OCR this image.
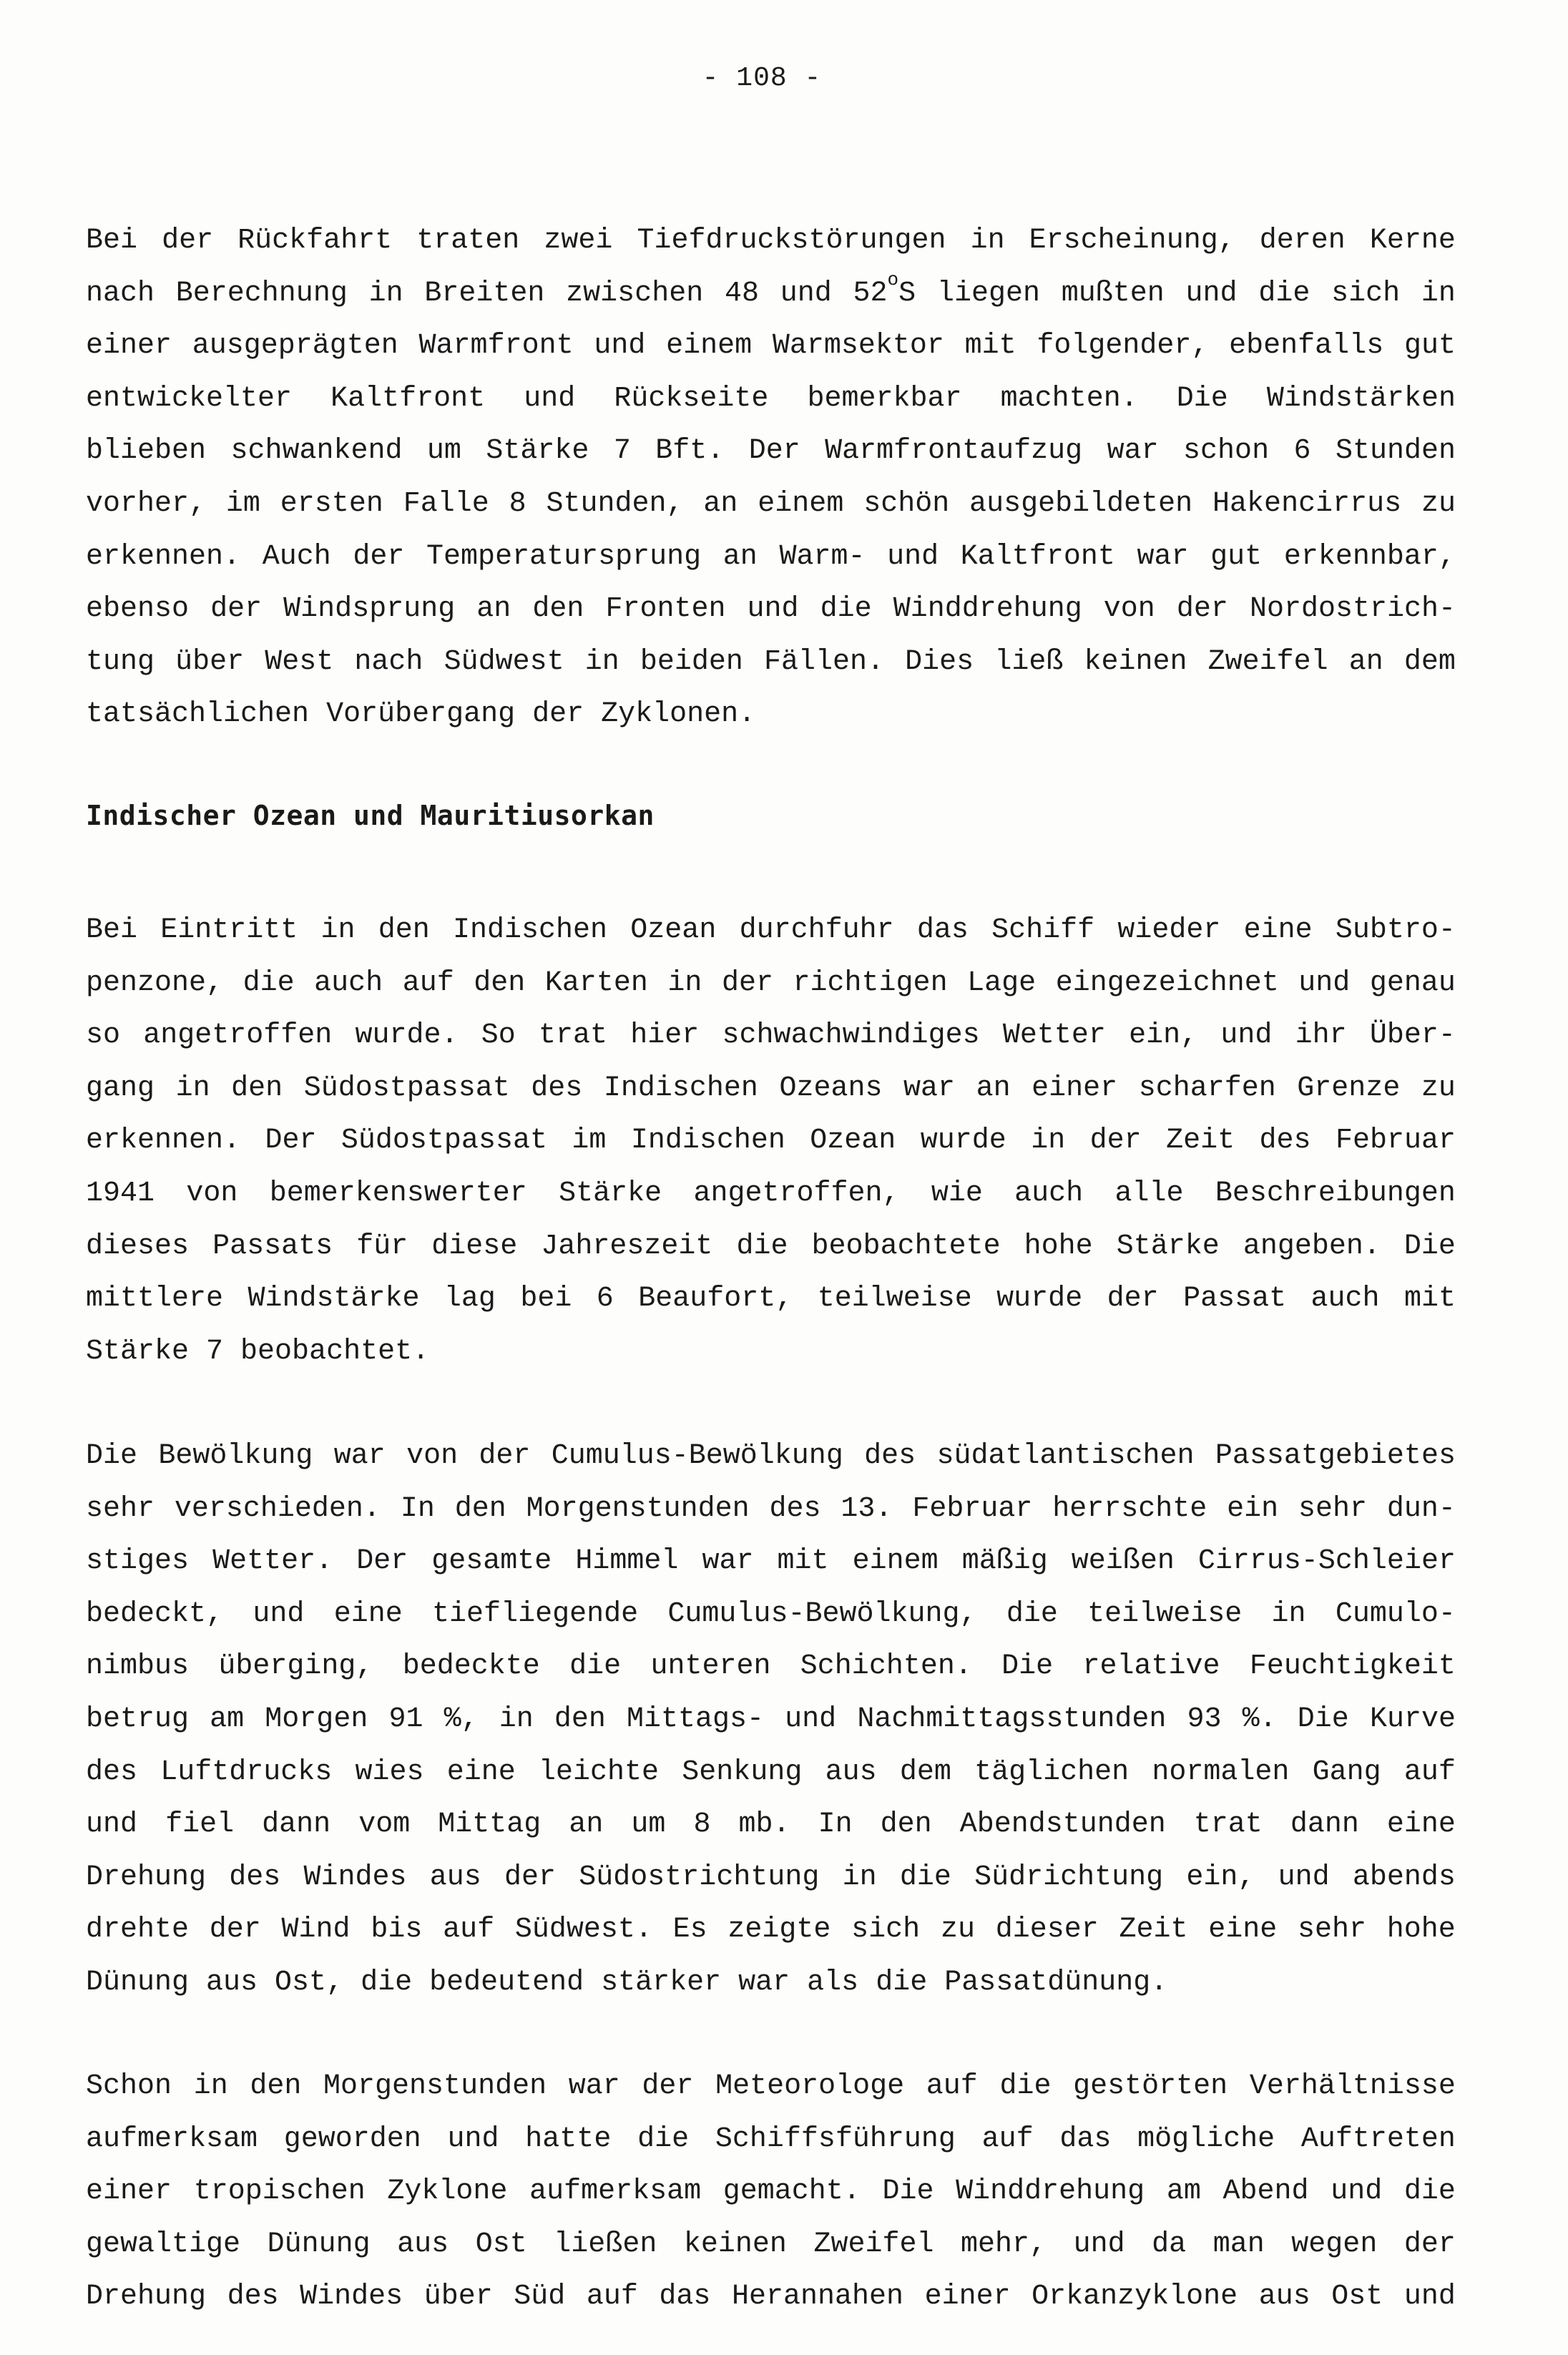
- 108 -
Bei der Rückfahrt traten zwei Tiefdruckstörungen in Erscheinung, deren Kerne
nach Berechnung in Breiten zwischen 48 und 52$^o$S liegen mußten und die sich in
einer ausgeprägten Warmfront und einem Warmsektor mit folgender, ebenfalls gut
entwickelter Kaltfront und Rückseite bemerkbar machten. Die Windstärken
blieben schwankend um Stärke 7 Bft. Der Warmfrontaufzug war schon 6 Stunden
vorher, im ersten Falle 8 Stunden, an einem schön ausgebildeten Hakencirrus zu
erkennen. Auch der Temperatursprung an Warm- und Kaltfront war gut erkennbar,
ebenso der Windsprung an den Fronten und die Winddrehung von der Nordostrich-
tung über West nach Südwest in beiden Fällen. Dies ließ keinen Zweifel an dem
tatsächlichen Vorübergang der Zyklonen.
Indischer Ozean und Mauritiusorkan
Bei Eintritt in den Indischen Ozean durchfuhr das Schiff wieder eine Subtro-
penzone, die auch auf den Karten in der richtigen Lage eingezeichnet und genau
so angetroffen wurde. So trat hier schwachwindiges Wetter ein, und ihr Über-
gang in den Südostpassat des Indischen Ozeans war an einer scharfen Grenze zu
erkennen. Der Südostpassat im Indischen Ozean wurde in der Zeit des Februar
1941 von bemerkenswerter Stärke angetroffen, wie auch alle Beschreibungen
dieses Passats für diese Jahreszeit die beobachtete hohe Stärke angeben. Die
mittlere Windstärke lag bei 6 Beaufort, teilweise wurde der Passat auch mit
Stärke 7 beobachtet.
Die Bewölkung war von der Cumulus-Bewölkung des südatlantischen Passatgebietes
sehr verschieden. In den Morgenstunden des 13. Februar herrschte ein sehr dun-
stiges Wetter. Der gesamte Himmel war mit einem mäßig weißen Cirrus-Schleier
bedeckt, und eine tiefliegende Cumulus-Bewölkung, die teilweise in Cumulo-
nimbus überging, bedeckte die unteren Schichten. Die relative Feuchtigkeit
betrug am Morgen 91 %, in den Mittags- und Nachmittagsstunden 93 %. Die Kurve
des Luftdrucks wies eine leichte Senkung aus dem täglichen normalen Gang auf
und fiel dann vom Mittag an um 8 mb. In den Abendstunden trat dann eine
Drehung des Windes aus der Südostrichtung in die Südrichtung ein, und abends
drehte der Wind bis auf Südwest. Es zeigte sich zu dieser Zeit eine sehr hohe
Dünung aus Ost, die bedeutend stärker war als die Passatdünung.
Schon in den Morgenstunden war der Meteorologe auf die gestörten Verhältnisse
aufmerksam geworden und hatte die Schiffsführung auf das mögliche Auftreten
einer tropischen Zyklone aufmerksam gemacht. Die Winddrehung am Abend und die
gewaltige Dünung aus Ost ließen keinen Zweifel mehr, und da man wegen der
Drehung des Windes über Süd auf das Herannahen einer Orkanzyklone aus Ost und
